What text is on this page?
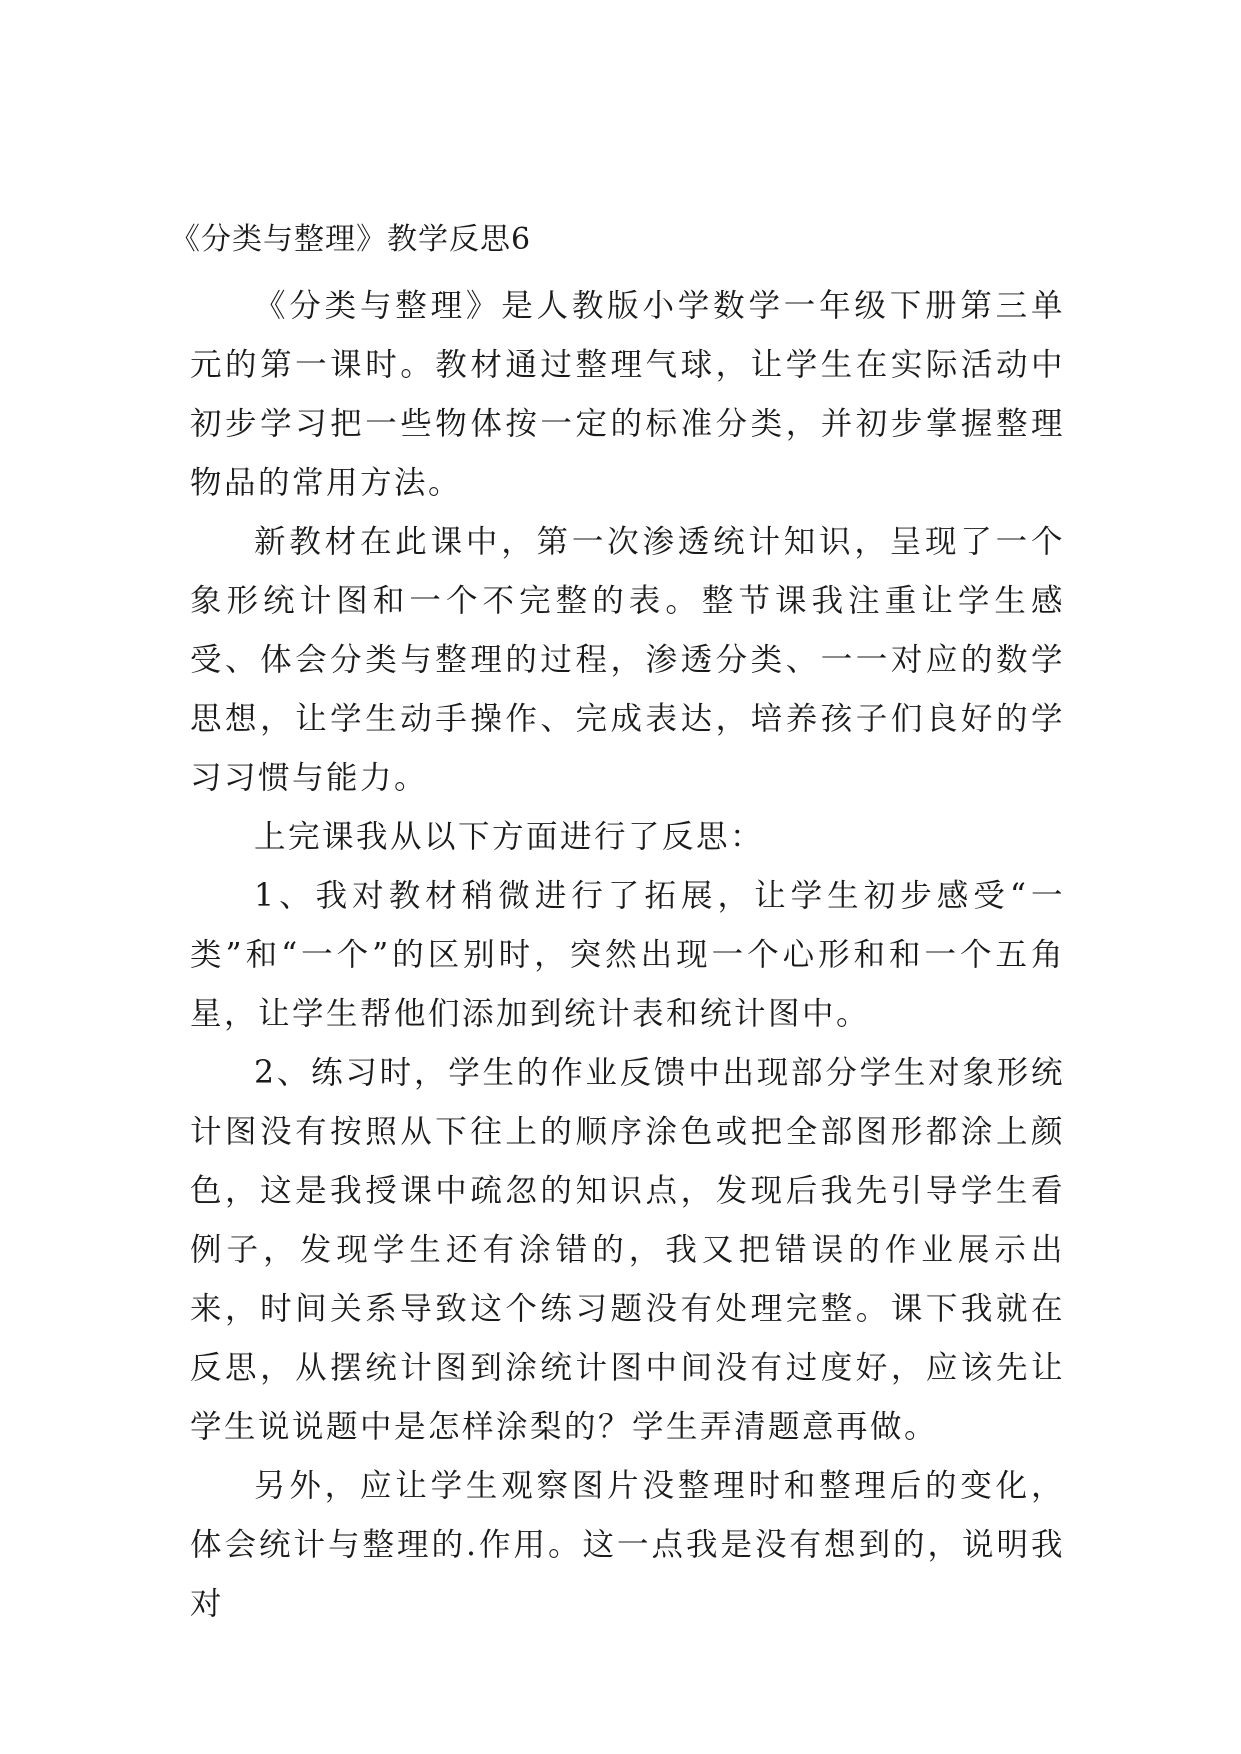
《分类与整理》教学反思6

《分类与整理》是人教版小学数学一年级下册第三单元的第一课时。教材通过整理气球，让学生在实际活动中初步学习把一些物体按一定的标准分类，并初步掌握整理物品的常用方法。

新教材在此课中，第一次渗透统计知识，呈现了一个象形统计图和一个不完整的表。整节课我注重让学生感受、体会分类与整理的过程，渗透分类、一一对应的数学思想，让学生动手操作、完成表达，培养孩子们良好的学习习惯与能力。

上完课我从以下方面进行了反思：

1、我对教材稍微进行了拓展，让学生初步感受“一类”和“一个”的区别时，突然出现一个心形和和一个五角星，让学生帮他们添加到统计表和统计图中。

2、练习时，学生的作业反馈中出现部分学生对象形统计图没有按照从下往上的顺序涂色或把全部图形都涂上颜色，这是我授课中疏忽的知识点，发现后我先引导学生看例子，发现学生还有涂错的，我又把错误的作业展示出来，时间关系导致这个练习题没有处理完整。课下我就在反思，从摆统计图到涂统计图中间没有过度好，应该先让学生说说题中是怎样涂梨的？学生弄清题意再做。

另外，应让学生观察图片没整理时和整理后的变化，体会统计与整理的.作用。这一点我是没有想到的，说明我对
